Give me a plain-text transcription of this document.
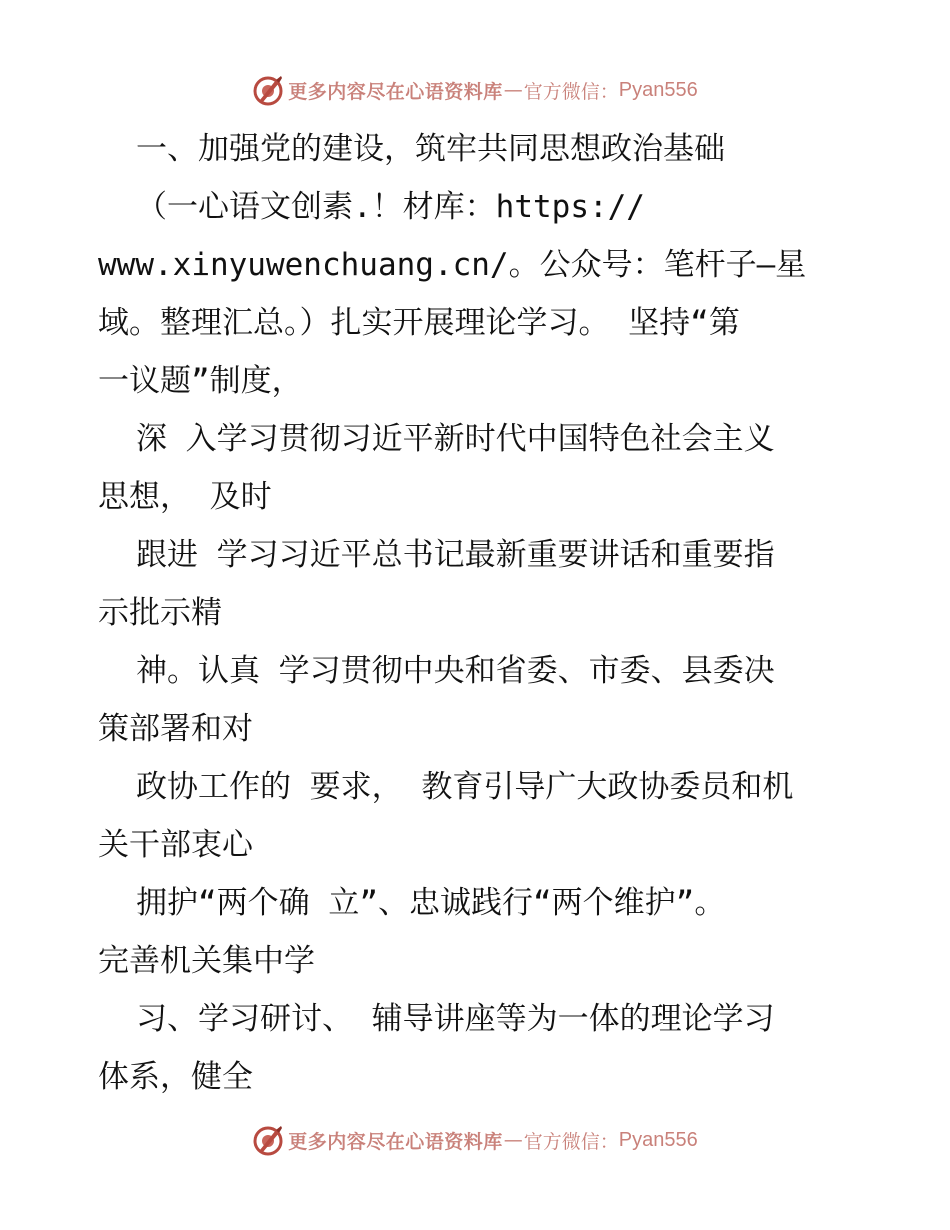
更多内容尽在心语资料库 — 官方微信： Pyan556
一、加强党的建设，筑牢共同思想政治基础
（一心语文创素.！材库：https://
www.xinyuwenchuang.cn/。公众号：笔杆子—星
域。整理汇总。）扎实开展理论学习。 坚持“第
一议题”制度，
深 入学习贯彻习近平新时代中国特色社会主义
思想， 及时
跟进 学习习近平总书记最新重要讲话和重要指
示批示精
神。认真 学习贯彻中央和省委、市委、县委决
策部署和对
政协工作的 要求， 教育引导广大政协委员和机
关干部衷心
拥护“两个确 立”、忠诚践行“两个维护”。
完善机关集中学
习、学习研讨、 辅导讲座等为一体的理论学习
体系，健全
更多内容尽在心语资料库 — 官方微信： Pyan556
